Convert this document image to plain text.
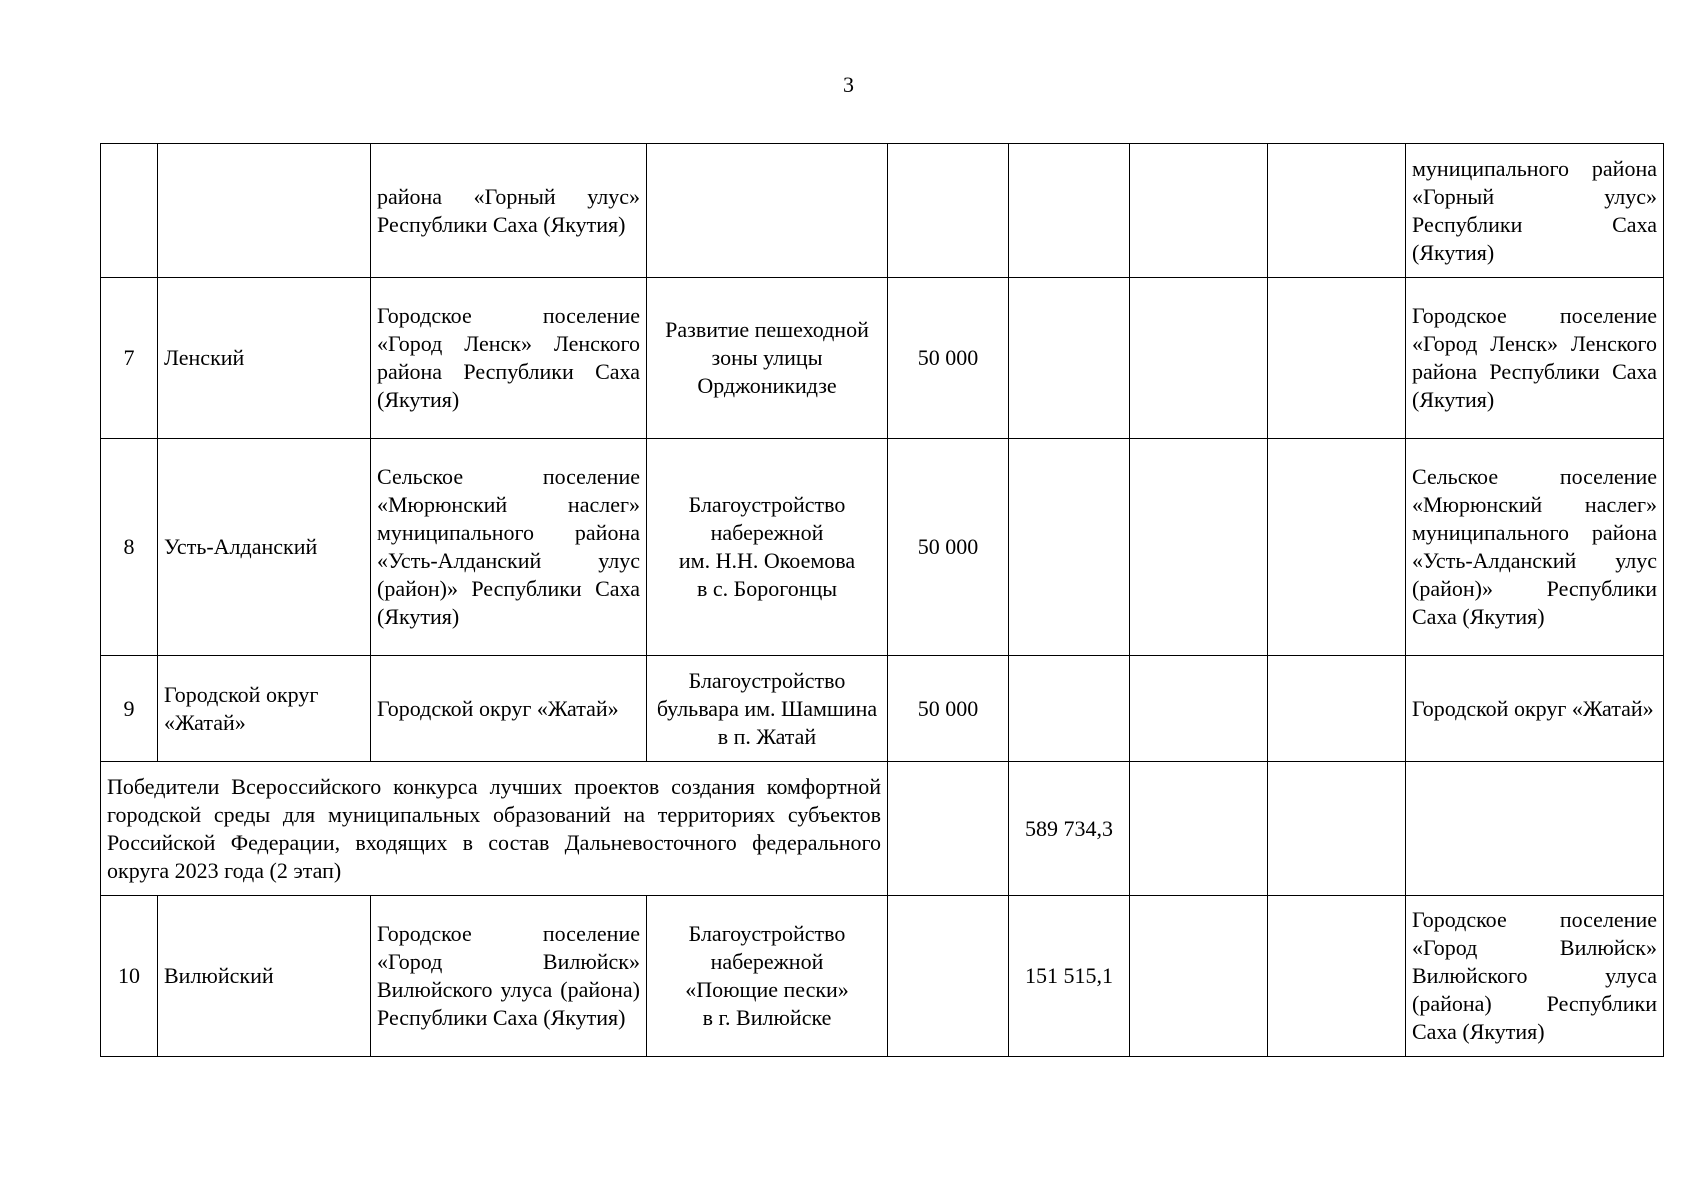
3
		района «Горный улус» Республики Саха (Якутия)						муниципального района «Горный улус» Республики Саха (Якутия)
7	Ленский	Городское поселение «Город Ленск» Ленского района Республики Саха (Якутия)	Развитие пешеходной зоны улицы Орджоникидзе	50 000				Городское поселение «Город Ленск» Ленского района Республики Саха (Якутия)
8	Усть-Алданский	Сельское поселение «Мюрюнский наслег» муниципального района «Усть-Алданский улус (район)» Республики Саха (Якутия)	Благоустройство
набережной
им. Н.Н. Окоемова
в с. Борогонцы	50 000				Сельское поселение «Мюрюнский наслег» муниципального района «Усть-Алданский улус (район)» Республики Саха (Якутия)
9	Городской округ «Жатай»	Городской округ «Жатай»	Благоустройство бульвара им. Шамшина в п. Жатай	50 000				Городской округ «Жатай»
Победители Всероссийского конкурса лучших проектов создания комфортной городской среды для муниципальных образований на территориях субъектов Российской Федерации, входящих в состав Дальневосточного федерального округа 2023 года (2 этап)					589 734,3			
10	Вилюйский	Городское поселение «Город Вилюйск» Вилюйского улуса (района) Республики Саха (Якутия)	Благоустройство
набережной
«Поющие пески»
в г. Вилюйске		151 515,1			Городское поселение «Город Вилюйск» Вилюйского улуса (района) Республики Саха (Якутия)
